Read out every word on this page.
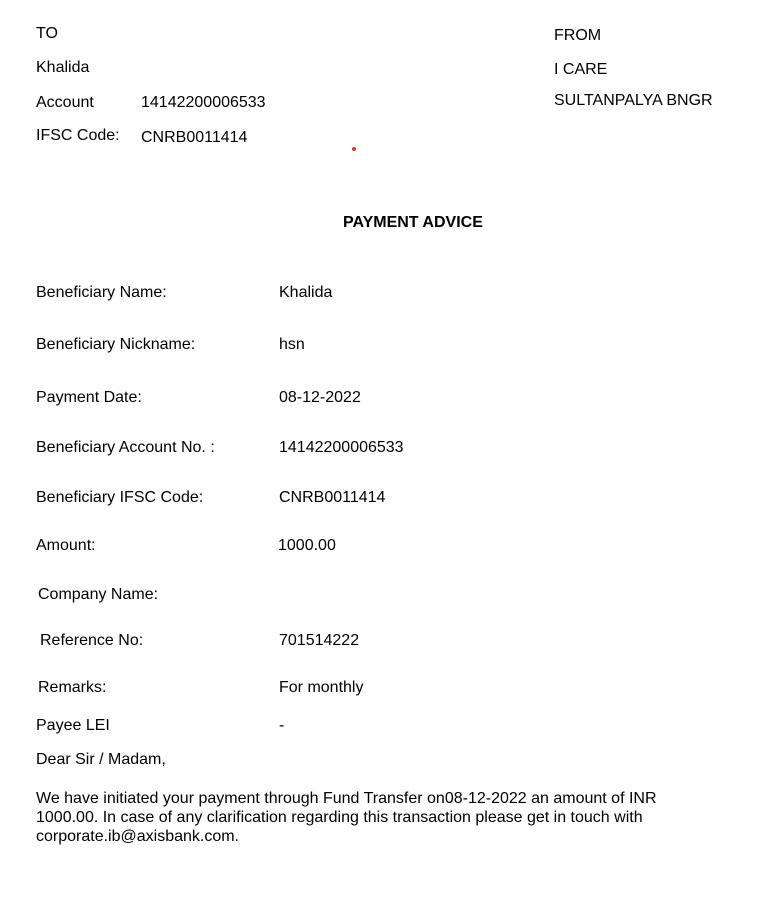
TO
Khalida
Account	14142200006533
IFSC Code: CNRB0011414
FROM
I CARE
SULTANPALYA BNGR
PAYMENT ADVICE
Beneficiary Name:	Khalida
Beneficiary Nickname:	hsn
Payment Date:	08-12-2022
Beneficiary Account No. :	14142200006533
Beneficiary IFSC Code:	CNRB0011414
Amount:	1000.00
Company Name:
Reference No:	701514222
Remarks:	For monthly
Payee LEI	-
Dear Sir / Madam,
We have initiated your payment through Fund Transfer on08-12-2022 an amount of INR 1000.00. In case of any clarification regarding this transaction please get in touch with corporate.ib@axisbank.com.
